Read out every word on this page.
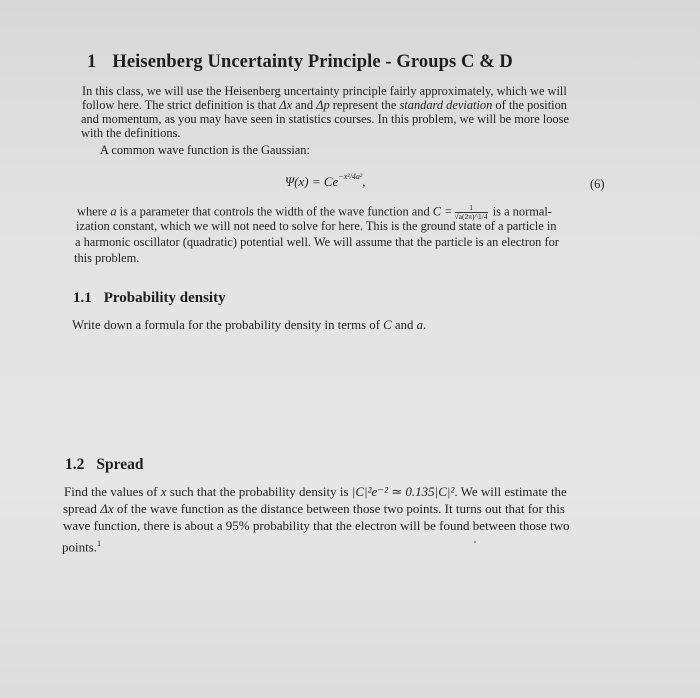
1 Heisenberg Uncertainty Principle - Groups C & D
In this class, we will use the Heisenberg uncertainty principle fairly approximately, which we will
follow here. The strict definition is that Δx and Δp represent the standard deviation of the position
and momentum, as you may have seen in statistics courses. In this problem, we will be more loose
with the definitions.
A common wave function is the Gaussian:
$\Psi(x) = Ce^{-x^2/4a^2}$,	(6)
where a is a parameter that controls the width of the wave function and $C = \frac{1}{√a(2\pi)\^{}1/4}$ is a normal-
ization constant, which we will not need to solve for here. This is the ground state of a particle in
a harmonic oscillator (quadratic) potential well. We will assume that the particle is an electron for
this problem.
1.1 Probability density
Write down a formula for the probability density in terms of C and a.
1.2 Spread
Find the values of x such that the probability density is |C|²e⁻² ≃ 0.135|C|². We will estimate the
spread Δx of the wave function as the distance between those two points. It turns out that for this
wave function, there is about a 95% probability that the electron will be found between those two
points.$^1$
